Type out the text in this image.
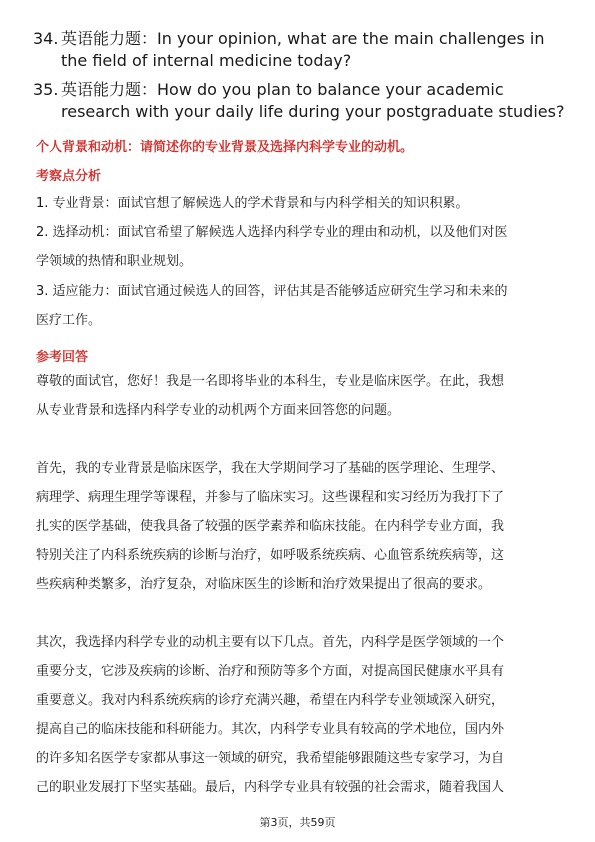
34. 英语能力题：In your opinion, what are the main challenges in
the field of internal medicine today?
35. 英语能力题：How do you plan to balance your academic
research with your daily life during your postgraduate studies?
个人背景和动机：请简述你的专业背景及选择内科学专业的动机。
考察点分析
1. 专业背景：面试官想了解候选人的学术背景和与内科学相关的知识积累。
2. 选择动机：面试官希望了解候选人选择内科学专业的理由和动机，以及他们对医
学领域的热情和职业规划。
3. 适应能力：面试官通过候选人的回答，评估其是否能够适应研究生学习和未来的
医疗工作。
参考回答
尊敬的面试官，您好！我是一名即将毕业的本科生，专业是临床医学。在此，我想
从专业背景和选择内科学专业的动机两个方面来回答您的问题。
首先，我的专业背景是临床医学，我在大学期间学习了基础的医学理论、生理学、
病理学、病理生理学等课程，并参与了临床实习。这些课程和实习经历为我打下了
扎实的医学基础，使我具备了较强的医学素养和临床技能。在内科学专业方面，我
特别关注了内科系统疾病的诊断与治疗，如呼吸系统疾病、心血管系统疾病等，这
些疾病种类繁多，治疗复杂，对临床医生的诊断和治疗效果提出了很高的要求。
其次，我选择内科学专业的动机主要有以下几点。首先，内科学是医学领域的一个
重要分支，它涉及疾病的诊断、治疗和预防等多个方面，对提高国民健康水平具有
重要意义。我对内科系统疾病的诊疗充满兴趣，希望在内科学专业领域深入研究，
提高自己的临床技能和科研能力。其次，内科学专业具有较高的学术地位，国内外
的许多知名医学专家都从事这一领域的研究，我希望能够跟随这些专家学习，为自
己的职业发展打下坚实基础。最后，内科学专业具有较强的社会需求，随着我国人
第3页，共59页
